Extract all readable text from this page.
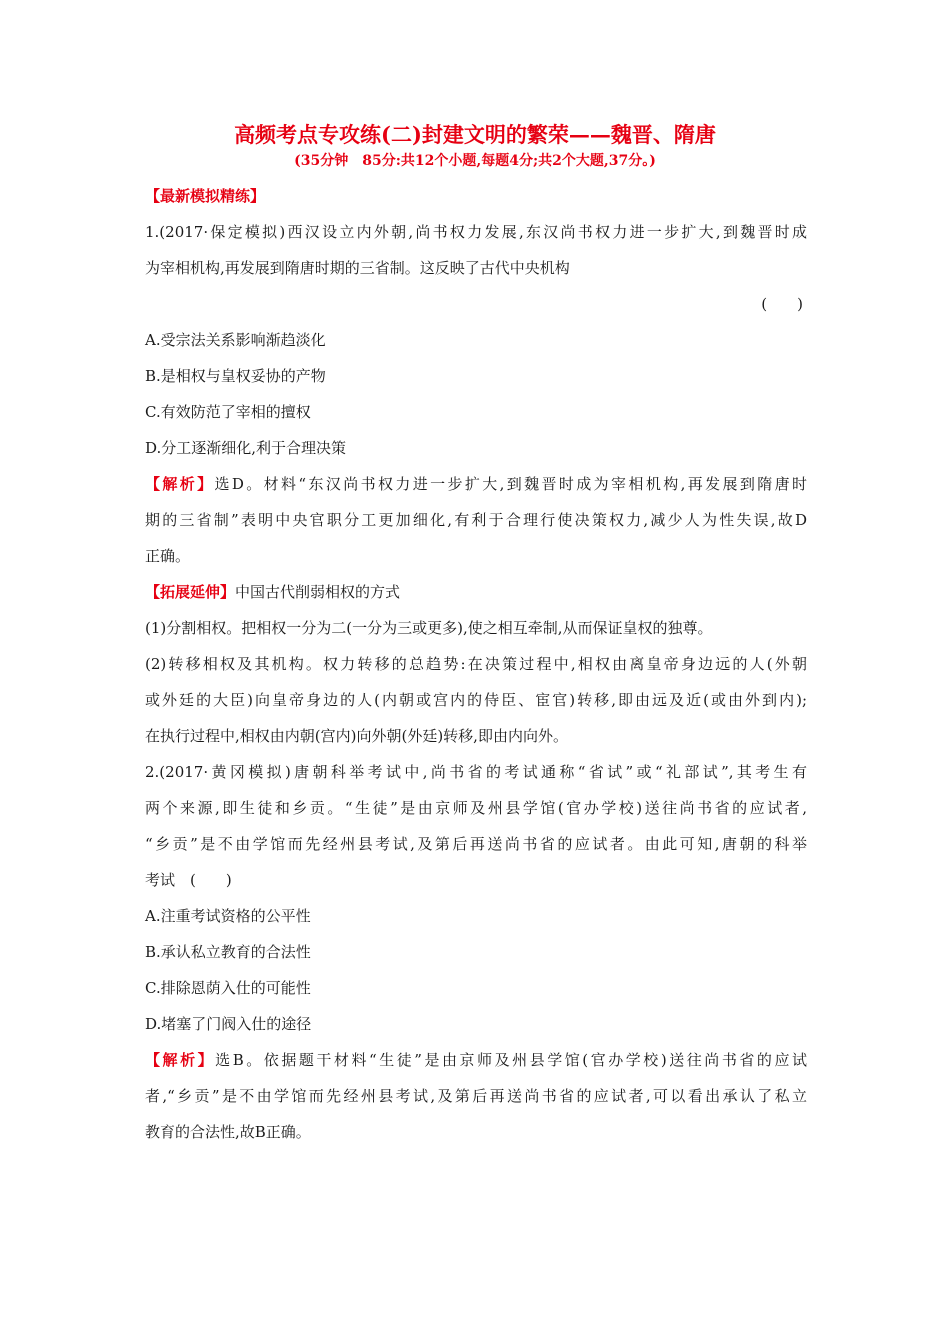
高频考点专攻练(二)封建文明的繁荣——魏晋、隋唐
(35分钟　85分:共12个小题,每题4分;共2个大题,37分。)
【最新模拟精练】
1.(2017·保定模拟)西汉设立内外朝,尚书权力发展,东汉尚书权力进一步扩大,到魏晋时成
为宰相机构,再发展到隋唐时期的三省制。这反映了古代中央机构
(　　)
A.受宗法关系影响渐趋淡化
B.是相权与皇权妥协的产物
C.有效防范了宰相的擅权
D.分工逐渐细化,利于合理决策
【解析】选D。材料“东汉尚书权力进一步扩大,到魏晋时成为宰相机构,再发展到隋唐时
期的三省制”表明中央官职分工更加细化,有利于合理行使决策权力,减少人为性失误,故D
正确。
【拓展延伸】中国古代削弱相权的方式
(1)分割相权。把相权一分为二(一分为三或更多),使之相互牵制,从而保证皇权的独尊。
(2)转移相权及其机构。权力转移的总趋势:在决策过程中,相权由离皇帝身边远的人(外朝
或外廷的大臣)向皇帝身边的人(内朝或宫内的侍臣、宦官)转移,即由远及近(或由外到内);
在执行过程中,相权由内朝(宫内)向外朝(外廷)转移,即由内向外。
2.(2017·黄冈模拟)唐朝科举考试中,尚书省的考试通称“省试”或“礼部试”,其考生有
两个来源,即生徒和乡贡。“生徒”是由京师及州县学馆(官办学校)送往尚书省的应试者,
“乡贡”是不由学馆而先经州县考试,及第后再送尚书省的应试者。由此可知,唐朝的科举
考试　(　　)
A.注重考试资格的公平性
B.承认私立教育的合法性
C.排除恩荫入仕的可能性
D.堵塞了门阀入仕的途径
【解析】选B。依据题干材料“生徒”是由京师及州县学馆(官办学校)送往尚书省的应试
者,“乡贡”是不由学馆而先经州县考试,及第后再送尚书省的应试者,可以看出承认了私立
教育的合法性,故B正确。
